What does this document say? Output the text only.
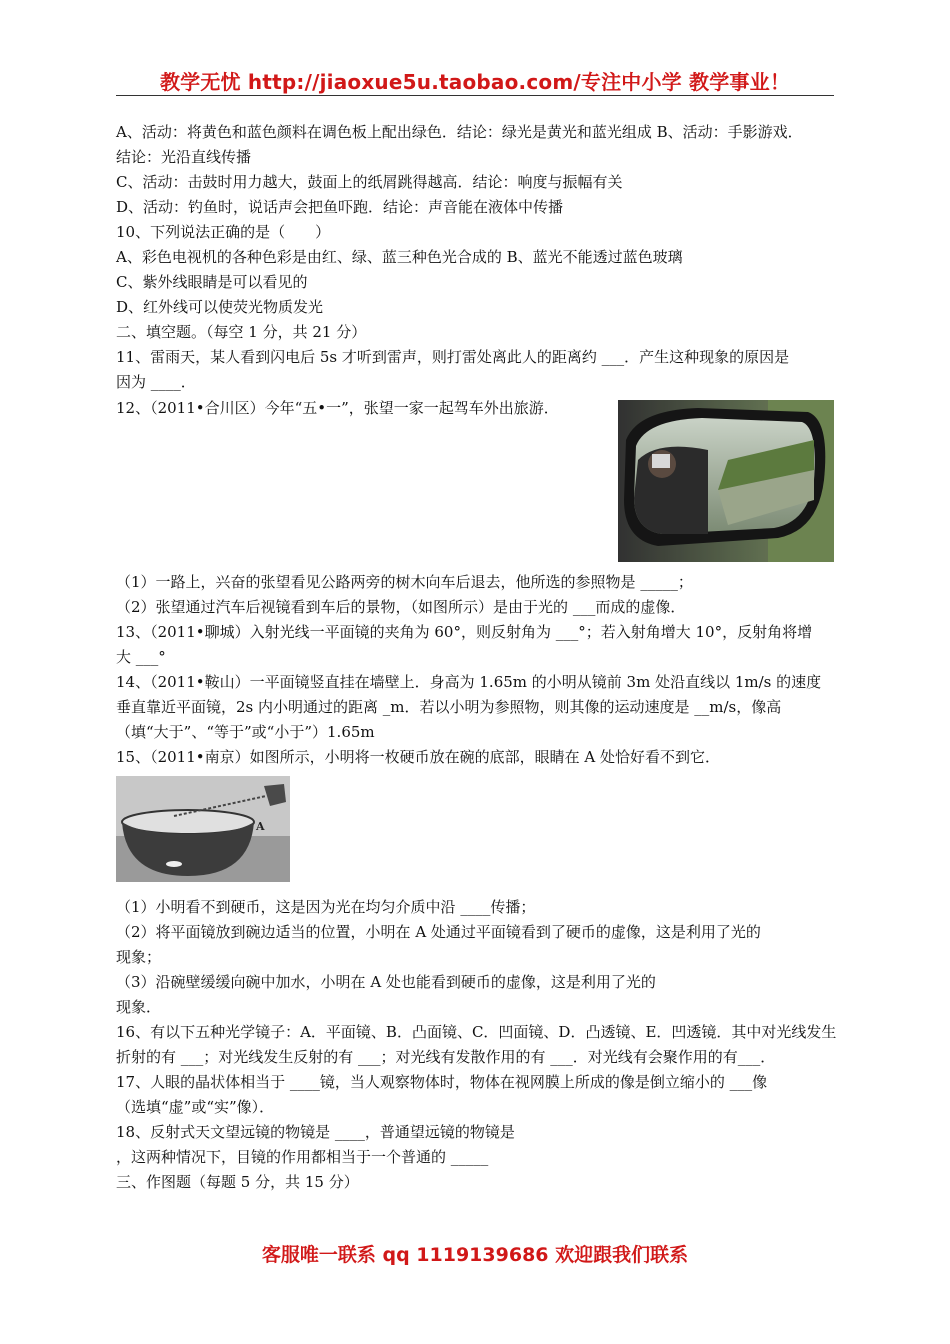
教学无忧 http://jiaoxue5u.taobao.com/专注中小学 教学事业！
A、活动：将黄色和蓝色颜料在调色板上配出绿色．结论：绿光是黄光和蓝光组成 B、活动：手影游戏．
结论：光沿直线传播
C、活动：击鼓时用力越大，鼓面上的纸屑跳得越高．结论：响度与振幅有关
D、活动：钓鱼时，说话声会把鱼吓跑．结论：声音能在液体中传播
10、下列说法正确的是（　　）
A、彩色电视机的各种色彩是由红、绿、蓝三种色光合成的 B、蓝光不能透过蓝色玻璃
C、紫外线眼睛是可以看见的
D、红外线可以使荧光物质发光
二、填空题。（每空 1 分，共 21 分）
11、雷雨天，某人看到闪电后 5s 才听到雷声，则打雷处离此人的距离约 ___．产生这种现象的原因是
因为 ____．
12、（2011•合川区）今年“五•一”，张望一家一起驾车外出旅游．
（1）一路上，兴奋的张望看见公路两旁的树木向车后退去，他所选的参照物是 _____；
（2）张望通过汽车后视镜看到车后的景物，（如图所示）是由于光的 ___而成的虚像．
13、（2011•聊城）入射光线一平面镜的夹角为 60°，则反射角为 ___°；若入射角增大 10°，反射角将增
大 ___°
14、（2011•鞍山）一平面镜竖直挂在墙壁上．身高为 1.65m 的小明从镜前 3m 处沿直线以 1m/s 的速度
垂直靠近平面镜，2s 内小明通过的距离 _m．若以小明为参照物，则其像的运动速度是 __m/s，像高
（填“大于”、“等于”或“小于”）1.65m
15、（2011•南京）如图所示，小明将一枚硬币放在碗的底部，眼睛在 A 处恰好看不到它．
A
（1）小明看不到硬币，这是因为光在均匀介质中沿 ____传播；
（2）将平面镜放到碗边适当的位置，小明在 A 处通过平面镜看到了硬币的虚像，这是利用了光的
现象；
（3）沿碗壁缓缓向碗中加水，小明在 A 处也能看到硬币的虚像，这是利用了光的
现象．
16、有以下五种光学镜子：A．平面镜、B．凸面镜、C．凹面镜、D．凸透镜、E．凹透镜．其中对光线发生
折射的有 ___；对光线发生反射的有 ___；对光线有发散作用的有 ___．对光线有会聚作用的有___．
17、人眼的晶状体相当于 ____镜，当人观察物体时，物体在视网膜上所成的像是倒立缩小的 ___像
（选填“虚”或“实”像）．
18、反射式天文望远镜的物镜是 ____，普通望远镜的物镜是
，这两种情况下，目镜的作用都相当于一个普通的 _____
三、作图题（每题 5 分，共 15 分）
客服唯一联系 qq 1119139686 欢迎跟我们联系
